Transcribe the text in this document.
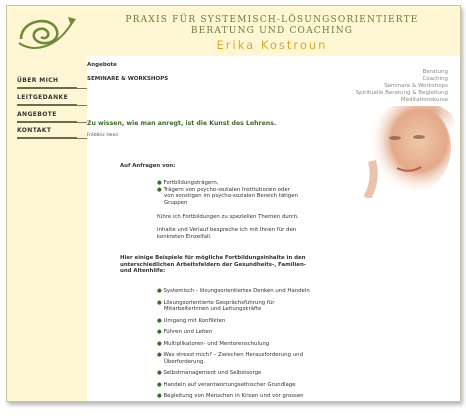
PRAXIS FÜR SYSTEMISCH-LÖSUNGSORIENTIERTE
BERATUNG UND COACHING
Erika Kostroun
ÜBER MICH
LEITGEDANKE
ANGEBOTE
KONTAKT
Angebote
SEMINARE & WORKSHOPS
Beratung
Coaching
Seminare & Workshops
Spirituelle Beratung & Begleitung
Meditationskurse
Zu wissen, wie man anregt, ist die Kunst des Lehrens.
Frédéric Henri
Auf Anfragen von:
● Fortbildungsträgern,
● Trägern von psycho-sozialen Institutionen oder
von sonstigen im psycho-sozialen Bereich tätigen
Gruppen
führe ich Fortbildungen zu speziellen Themen durch.
Inhalte und Verlauf bespreche ich mit Ihnen für den
konkreten Einzelfall.
Hier einige Beispiele für mögliche Fortbildungsinhalte in den
unterschiedlichen Arbeitsfeldern der Gesundheits-, Familien-
und Altenhilfe:
● Systemisch - lösungsorientiertes Denken und Handeln
● Lösungsorientierte Gesprächsführung für
MitarbeiterInnen und Leitungskräfte
● Umgang mit Konflikten
● Führen und Leiten
● Multiplikatoren- und Mentorenschulung
● Was stresst mich? – Zwischen Herausforderung und
Überforderung.
● Selbstmanagement und Selbstsorge
● Handeln auf verantwortungsethischer Grundlage
● Begleitung von Menschen in Krisen und vor grossen
